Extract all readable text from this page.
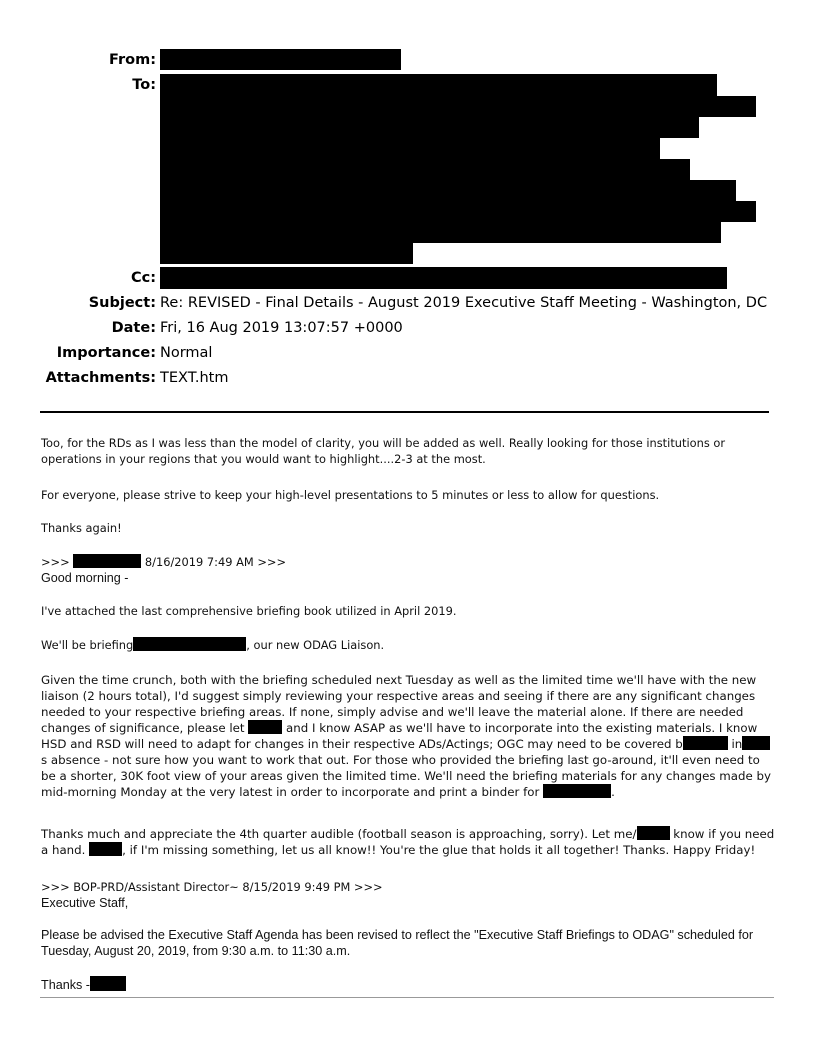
From:
To:
Cc:
Subject: Re: REVISED - Final Details - August 2019 Executive Staff Meeting - Washington, DC
Date: Fri, 16 Aug 2019 13:07:57 +0000
Importance: Normal
Attachments: TEXT.htm

Too, for the RDs as I was less than the model of clarity, you will be added as well. Really looking for those institutions or operations in your regions that you would want to highlight....2-3 at the most.

For everyone, please strive to keep your high-level presentations to 5 minutes or less to allow for questions.

Thanks again!

>>>	8/16/2019 7:49 AM >>>
Good morning -

I've attached the last comprehensive briefing book utilized in April 2019.

We'll be briefing	, our new ODAG Liaison.

Given the time crunch, both with the briefing scheduled next Tuesday as well as the limited time we'll have with the new liaison (2 hours total), I'd suggest simply reviewing your respective areas and seeing if there are any significant changes needed to your respective briefing areas. If none, simply advise and we'll leave the material alone. If there are needed changes of significance, please let	and I know ASAP as we'll have to incorporate into the existing materials. I know HSD and RSD will need to adapt for changes in their respective ADs/Actings; OGC may need to be covered b	ins absence - not sure how you want to work that out. For those who provided the briefing last go-around, it'll even need to be a shorter, 30K foot view of your areas given the limited time. We'll need the briefing materials for any changes made by mid-morning Monday at the very latest in order to incorporate and print a binder for	.

Thanks much and appreciate the 4th quarter audible (football season is approaching, sorry). Let me/	know if you need a hand.	, if I'm missing something, let us all know!! You're the glue that holds it all together! Thanks. Happy Friday!

>>> BOP-PRD/Assistant Director~ 8/15/2019 9:49 PM >>>
Executive Staff,

Please be advised the Executive Staff Agenda has been revised to reflect the "Executive Staff Briefings to ODAG" scheduled for Tuesday, August 20, 2019, from 9:30 a.m. to 11:30 a.m.

Thanks -
